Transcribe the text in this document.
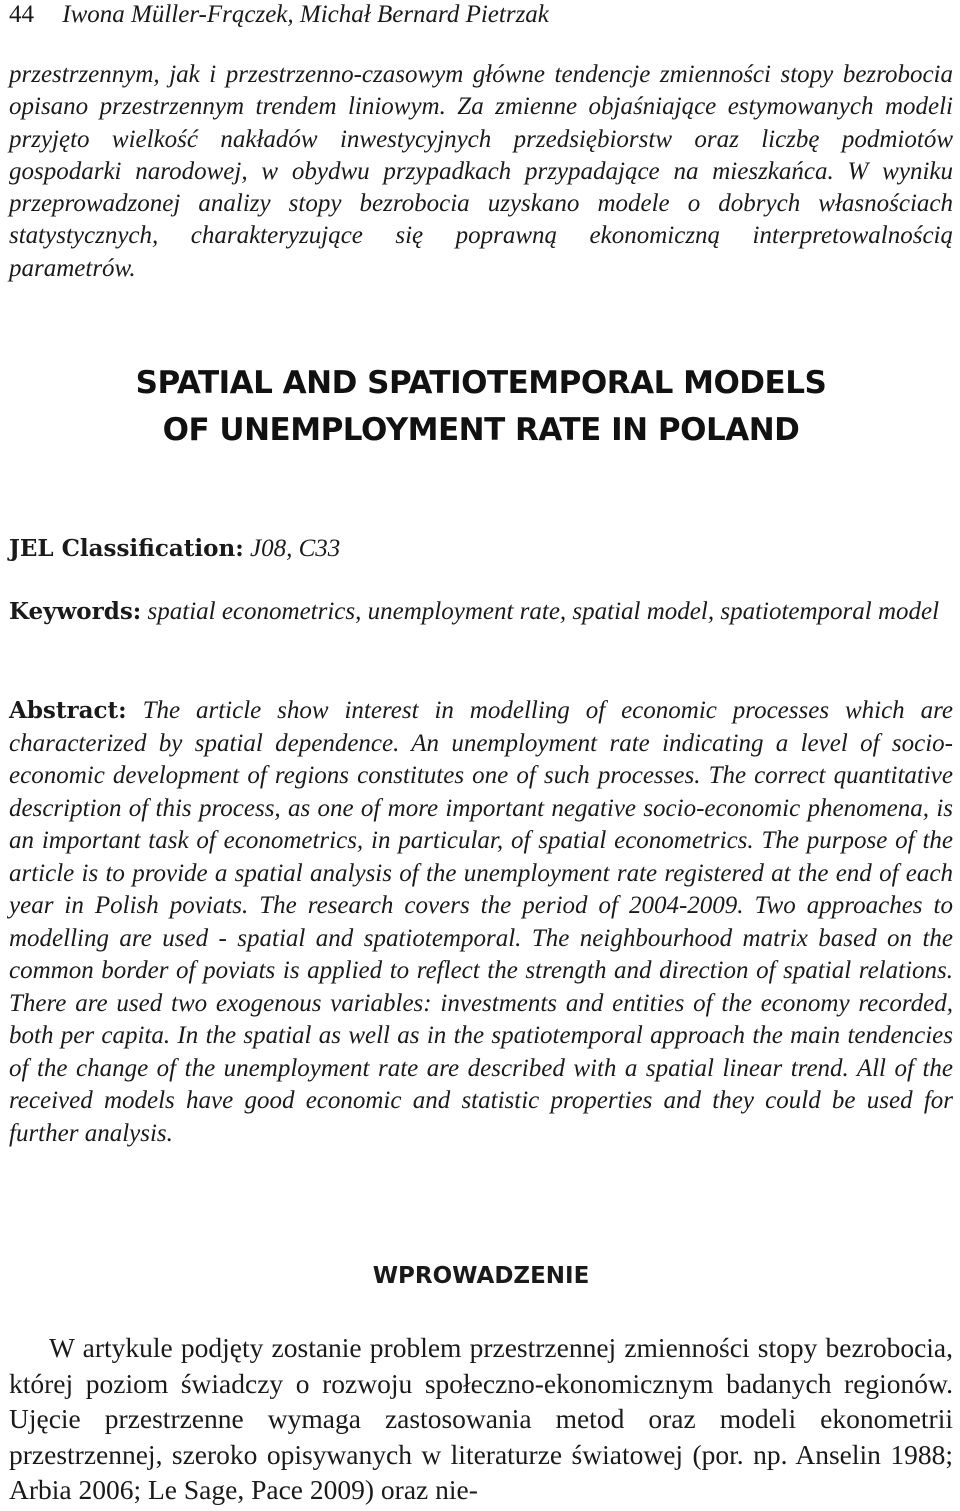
44 Iwona Müller-Frączek, Michał Bernard Pietrzak

przestrzennym, jak i przestrzenno-czasowym główne tendencje zmienności stopy bezrobocia opisano przestrzennym trendem liniowym. Za zmienne objaśniające estymowanych modeli przyjęto wielkość nakładów inwestycyjnych przedsiębiorstw oraz liczbę podmiotów gospodarki narodowej, w obydwu przypadkach przypadające na mieszkańca. W wyniku przeprowadzonej analizy stopy bezrobocia uzyskano modele o dobrych własnościach statystycznych, charakteryzujące się poprawną ekonomiczną interpretowalnością parametrów.

SPATIAL AND SPATIOTEMPORAL MODELS
OF UNEMPLOYMENT RATE IN POLAND
JEL Classification: J08, C33
Keywords: spatial econometrics, unemployment rate, spatial model, spatiotemporal model
Abstract: The article show interest in modelling of economic processes which are characterized by spatial dependence. An unemployment rate indicating a level of socio-economic development of regions constitutes one of such processes. The correct quantitative description of this process, as one of more important negative socio-economic phenomena, is an important task of econometrics, in particular, of spatial econometrics. The purpose of the article is to provide a spatial analysis of the unemployment rate registered at the end of each year in Polish poviats. The research covers the period of 2004-2009. Two approaches to modelling are used - spatial and spatiotemporal. The neighbourhood matrix based on the common border of poviats is applied to reflect the strength and direction of spatial relations. There are used two exogenous variables: investments and entities of the economy recorded, both per capita. In the spatial as well as in the spatiotemporal approach the main tendencies of the change of the unemployment rate are described with a spatial linear trend. All of the received models have good economic and statistic properties and they could be used for further analysis.
WPROWADZENIE

W artykule podjęty zostanie problem przestrzennej zmienności stopy bezrobocia, której poziom świadczy o rozwoju społeczno-ekonomicznym badanych regionów. Ujęcie przestrzenne wymaga zastosowania metod oraz modeli ekonometrii przestrzennej, szeroko opisywanych w literaturze światowej (por. np. Anselin 1988; Arbia 2006; Le Sage, Pace 2009) oraz nie-
